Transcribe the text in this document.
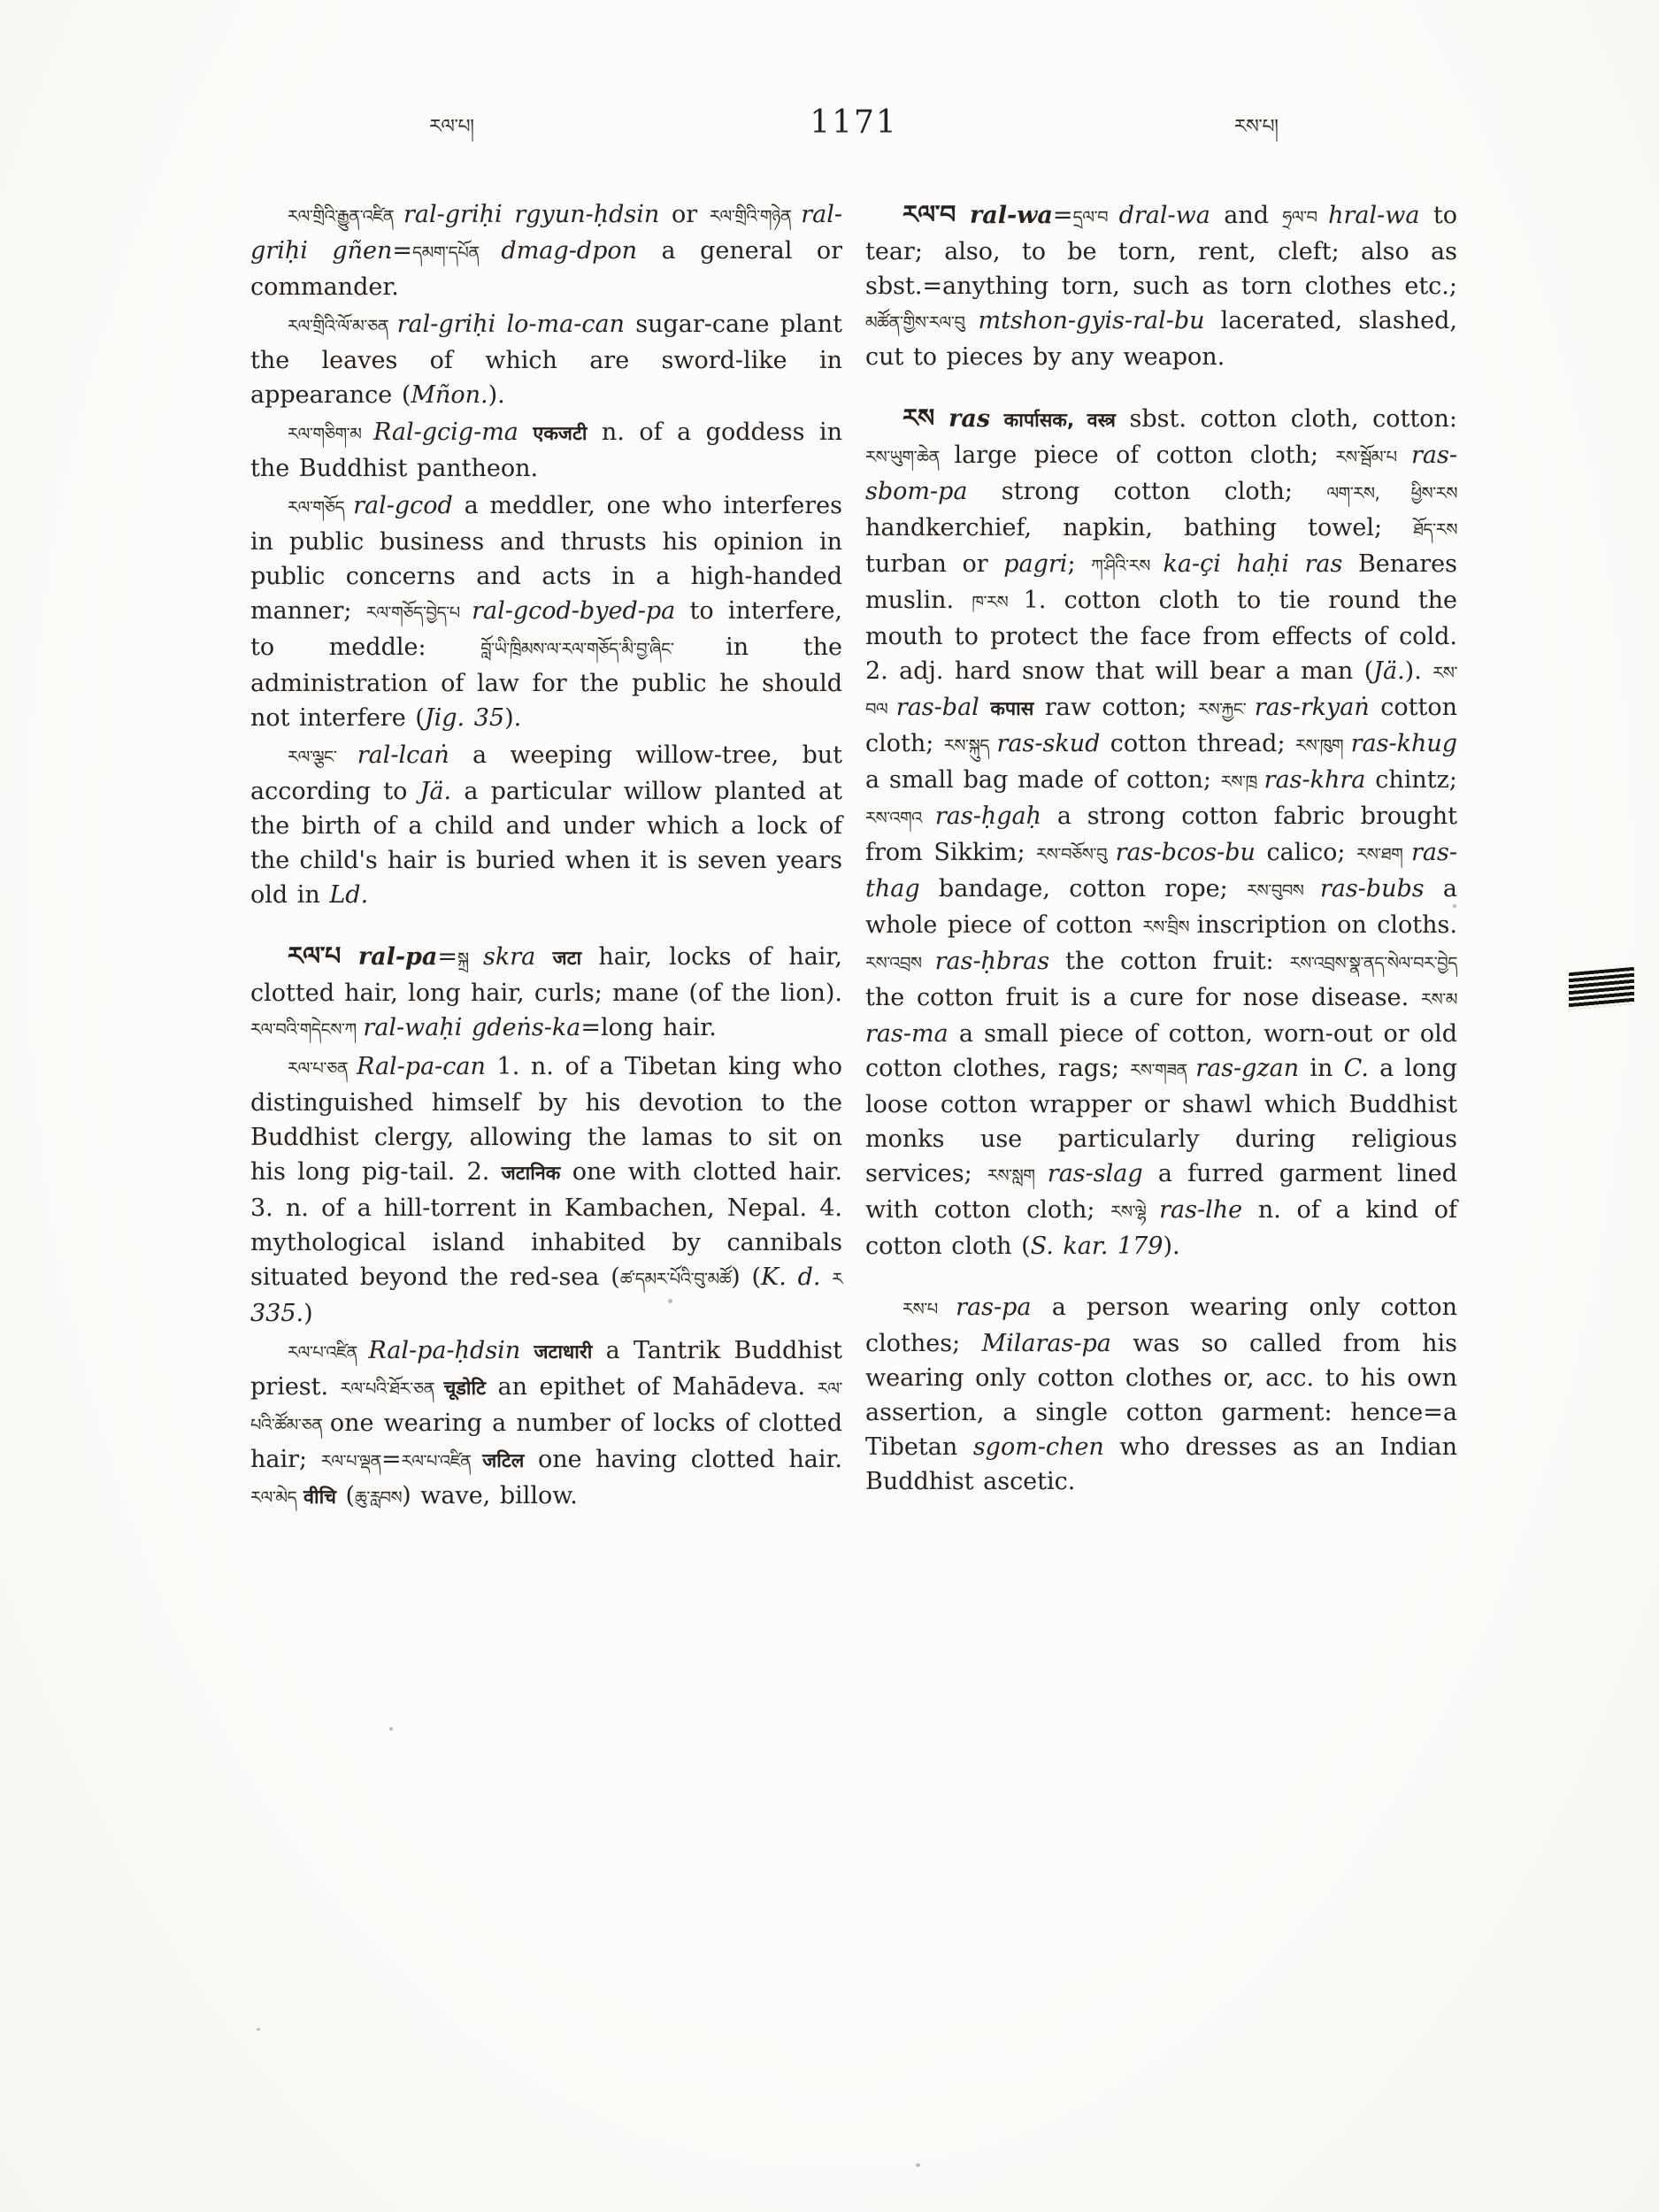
རལ་པ།	1171	རས་པ།

རལ་གྲིའི་རྒྱུན་འཛིན ral-griḥi rgyun-ḥdsin or རལ་གྲིའི་གཉེན ral-griḥi gñen=དམག་དཔོན dmag-dpon a general or commander.

རལ་གྲིའི་ལོ་མ་ཅན ral-griḥi lo-ma-can sugar-cane plant the leaves of which are sword-like in appearance (Mñon.).

རལ་གཅིག་མ Ral-gcig-ma एकजटी n. of a goddess in the Buddhist pantheon.

རལ་གཅོད ral-gcod a meddler, one who interferes in public business and thrusts his opinion in public concerns and acts in a high-handed manner; རལ་གཅོད་བྱེད་པ ral-gcod-byed-pa to interfere, to meddle: བློ་ཡི་ཁྲིམས་ལ་རལ་གཅོད་མི་བྱ་ཞིང་ in the administration of law for the public he should not interfere (Jig. 35).

རལ་ལྕང་ ral-lcaṅ a weeping willow-tree, but according to Jä. a particular willow planted at the birth of a child and under which a lock of the child's hair is buried when it is seven years old in Ld.

རལ་པ ral-pa=སྐྲ skra जटा hair, locks of hair, clotted hair, long hair, curls; mane (of the lion). རལ་བའི་གདེངས་ཀ ral-waḥi gdeṅs-ka=long hair.

རལ་པ་ཅན Ral-pa-can 1. n. of a Tibetan king who distinguished himself by his devotion to the Buddhist clergy, allowing the lamas to sit on his long pig-tail. 2. जटानिक one with clotted hair. 3. n. of a hill-torrent in Kambachen, Nepal. 4. mythological island inhabited by cannibals situated beyond the red-sea (ཚ་དམར་པོའི་བུ་མཚོ) (K. d. ར 335.)

རལ་པ་འཛིན Ral-pa-ḥdsin जटाधारी a Tantrik Buddhist priest. རལ་པའི་ཐོར་ཅན चूडोटि an epithet of Mahādeva. རལ་པའི་ཚོམ་ཅན one wearing a number of locks of clotted hair; རལ་པ་ལྡན=རལ་པ་འཛིན जटिल one having clotted hair. རལ་མེད वीचि (ཆུ་རླབས) wave, billow.

རལ་བ ral-wa=དྲལ་བ dral-wa and ཧྲལ་བ hral-wa to tear; also, to be torn, rent, cleft; also as sbst.=anything torn, such as torn clothes etc.; མཚོན་གྱིས་རལ་བུ mtshon-gyis-ral-bu lacerated, slashed, cut to pieces by any weapon.

རས ras कार्पासक, वस्त्र sbst. cotton cloth, cotton: རས་ཡུག་ཆེན large piece of cotton cloth; རས་སྦོམ་པ ras-sbom-pa strong cotton cloth; ལག་རས, ཕྱིས་རས handkerchief, napkin, bathing towel; ཐོད་རས turban or pagri; ཀ་ཤིའི་རས ka-çi haḥi ras Benares muslin. ཁ་རས 1. cotton cloth to tie round the mouth to protect the face from effects of cold. 2. adj. hard snow that will bear a man (Jä.). རས་བལ ras-bal कपास raw cotton; རས་རྐྱང་ ras-rkyaṅ cotton cloth; རས་སྐུད ras-skud cotton thread; རས་ཁུག ras-khug a small bag made of cotton; རས་ཁྲ ras-khra chintz; རས་འགའ ras-ḥgaḥ a strong cotton fabric brought from Sikkim; རས་བཅོས་བུ ras-bcos-bu calico; རས་ཐག ras-thag bandage, cotton rope; རས་བུབས ras-bubs a whole piece of cotton རས་བྲིས inscription on cloths. རས་འབྲས ras-ḥbras the cotton fruit: རས་འབྲས་སྣ་ནད་སེལ་བར་བྱེད the cotton fruit is a cure for nose disease. རས་མ ras-ma a small piece of cotton, worn-out or old cotton clothes, rags; རས་གཟན ras-gzan in C. a long loose cotton wrapper or shawl which Buddhist monks use particularly during religious services; རས་སླག ras-slag a furred garment lined with cotton cloth; རས་ལྷེ ras-lhe n. of a kind of cotton cloth (S. kar. 179).

རས་པ ras-pa a person wearing only cotton clothes; Milaras-pa was so called from his wearing only cotton clothes or, acc. to his own assertion, a single cotton garment: hence=a Tibetan sgom-chen who dresses as an Indian Buddhist ascetic.
